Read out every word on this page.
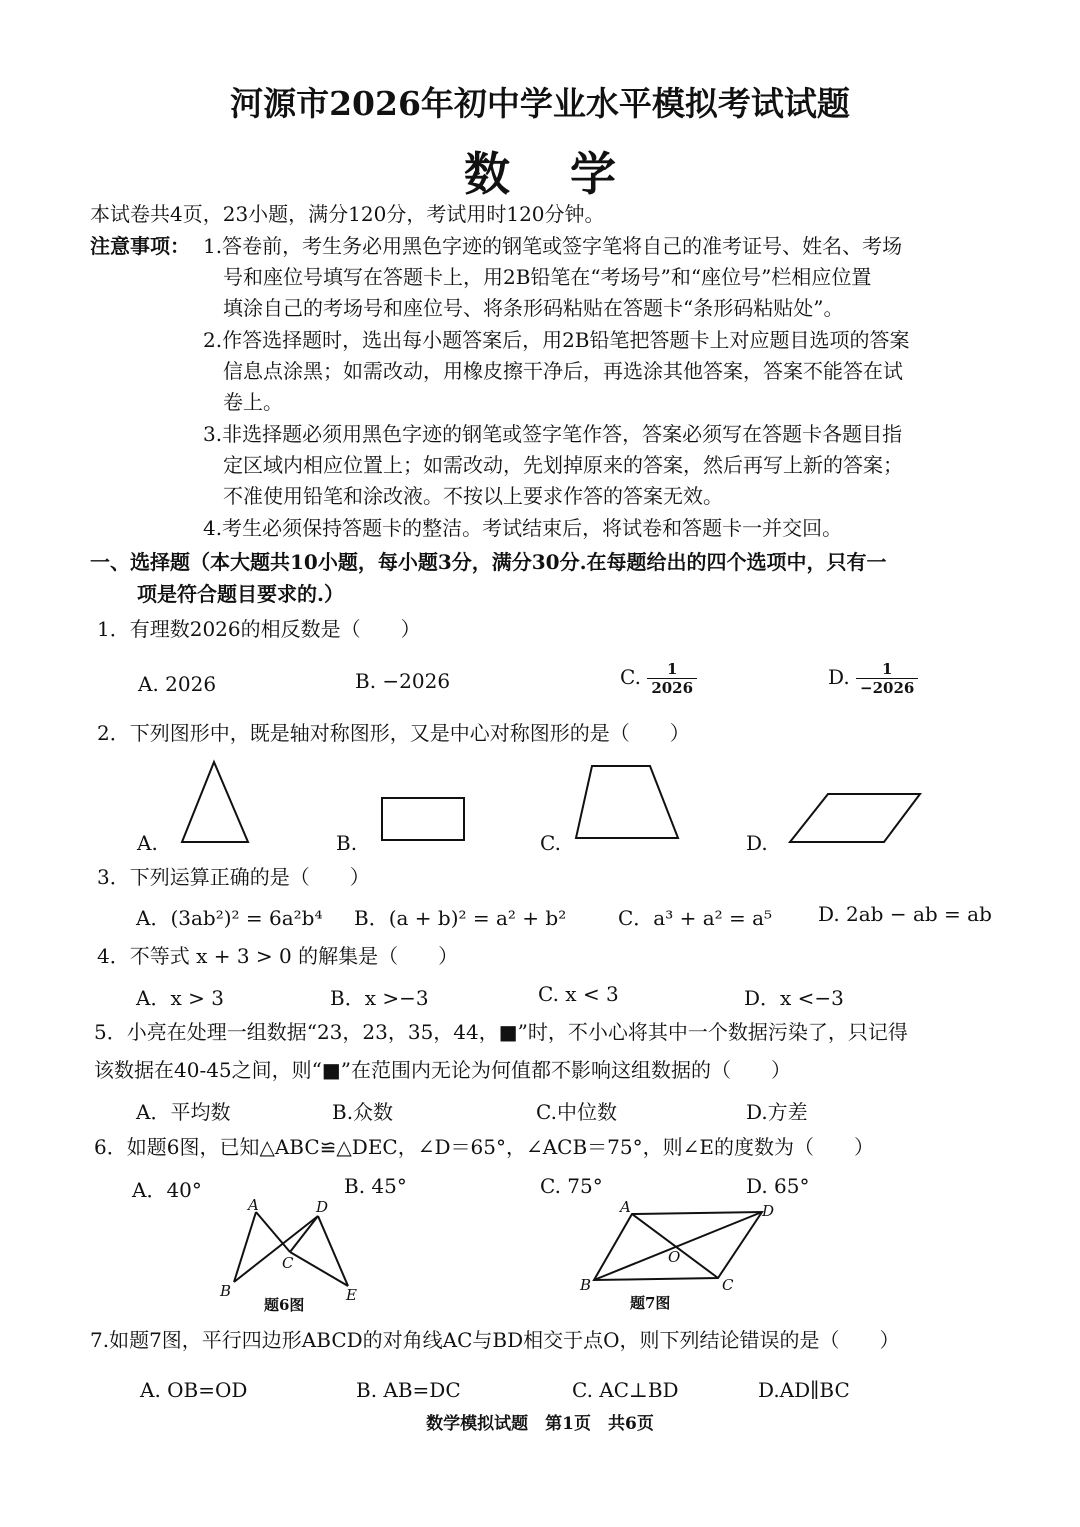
河源市2026年初中学业水平模拟考试试题
数学
本试卷共4页，23小题，满分120分，考试用时120分钟。
注意事项： 1.答卷前，考生务必用黑色字迹的钢笔或签字笔将自己的准考证号、姓名、考场
号和座位号填写在答题卡上，用2B铅笔在“考场号”和“座位号”栏相应位置
填涂自己的考场号和座位号、将条形码粘贴在答题卡“条形码粘贴处”。
2.作答选择题时，选出每小题答案后，用2B铅笔把答题卡上对应题目选项的答案
信息点涂黑；如需改动，用橡皮擦干净后，再选涂其他答案，答案不能答在试
卷上。
3.非选择题必须用黑色字迹的钢笔或签字笔作答，答案必须写在答题卡各题目指
定区域内相应位置上；如需改动，先划掉原来的答案，然后再写上新的答案；
不准使用铅笔和涂改液。不按以上要求作答的答案无效。
4.考生必须保持答题卡的整洁。考试结束后，将试卷和答题卡一并交回。
一、选择题（本大题共10小题，每小题3分，满分30分.在每题给出的四个选项中，只有一
项是符合题目要求的.）
1．有理数2026的相反数是（　　）
A. 2026	B. −2026	C. $\frac{1}{2026}$	D. $\frac{1}{-2026}$
2．下列图形中，既是轴对称图形，又是中心对称图形的是（　　）
A.	B.	C.	D.
3．下列运算正确的是（　　）
A．(3ab²)² = 6a²b⁴ B．(a + b)² = a² + b²	C．a³ + a² = a⁵ D. 2ab − ab = ab
4．不等式 x + 3 > 0 的解集是（　　）
A．x > 3	B．x >−3	C. x < 3	D．x <−3
5．小亮在处理一组数据“23，23，35，44，■”时，不小心将其中一个数据污染了，只记得
该数据在40-45之间，则“■”在范围内无论为何值都不影响这组数据的（　　）
A．平均数	B.众数	C.中位数	D.方差
6．如题6图，已知△ABC≌△DEC，∠D＝65°，∠ACB＝75°，则∠E的度数为（　　）
A．40°	B. 45°	C. 75°	D. 65°
A	D
C
B	E
题6图
A	D
O
B	C
题7图
7.如题7图，平行四边形ABCD的对角线AC与BD相交于点O，则下列结论错误的是（　　）
A. OB=OD	B. AB=DC	C. AC⊥BD	D.AD∥BC
数学模拟试题　第1页　共6页
